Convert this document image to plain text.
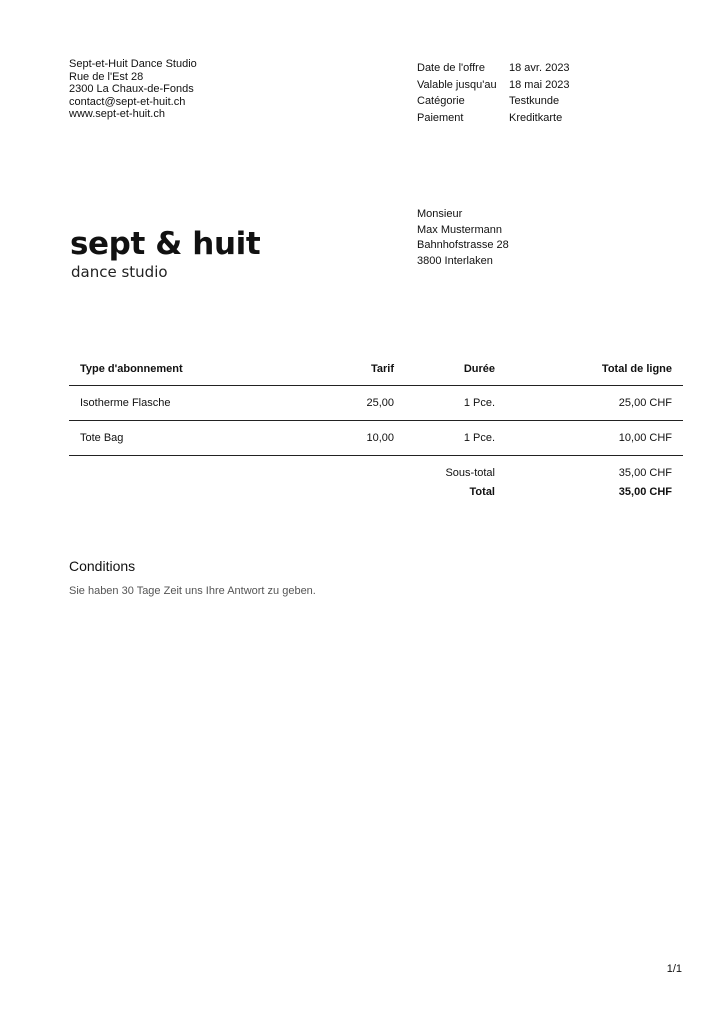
Sept-et-Huit Dance Studio
Rue de l'Est 28
2300 La Chaux-de-Fonds
contact@sept-et-huit.ch
www.sept-et-huit.ch
Date de l'offre	18 avr. 2023
Valable jusqu'au	18 mai 2023
Catégorie	Testkunde
Paiement	Kreditkarte
sept & huit
dance studio
Monsieur
Max Mustermann
Bahnhofstrasse 28
3800 Interlaken
Type d'abonnement	Tarif	Durée	Total de ligne
Isotherme Flasche	25,00	1 Pce.	25,00 CHF
Tote Bag	10,00	1 Pce.	10,00 CHF
Sous-total	35,00 CHF
Total	35,00 CHF
Conditions
Sie haben 30 Tage Zeit uns Ihre Antwort zu geben.
1/1
